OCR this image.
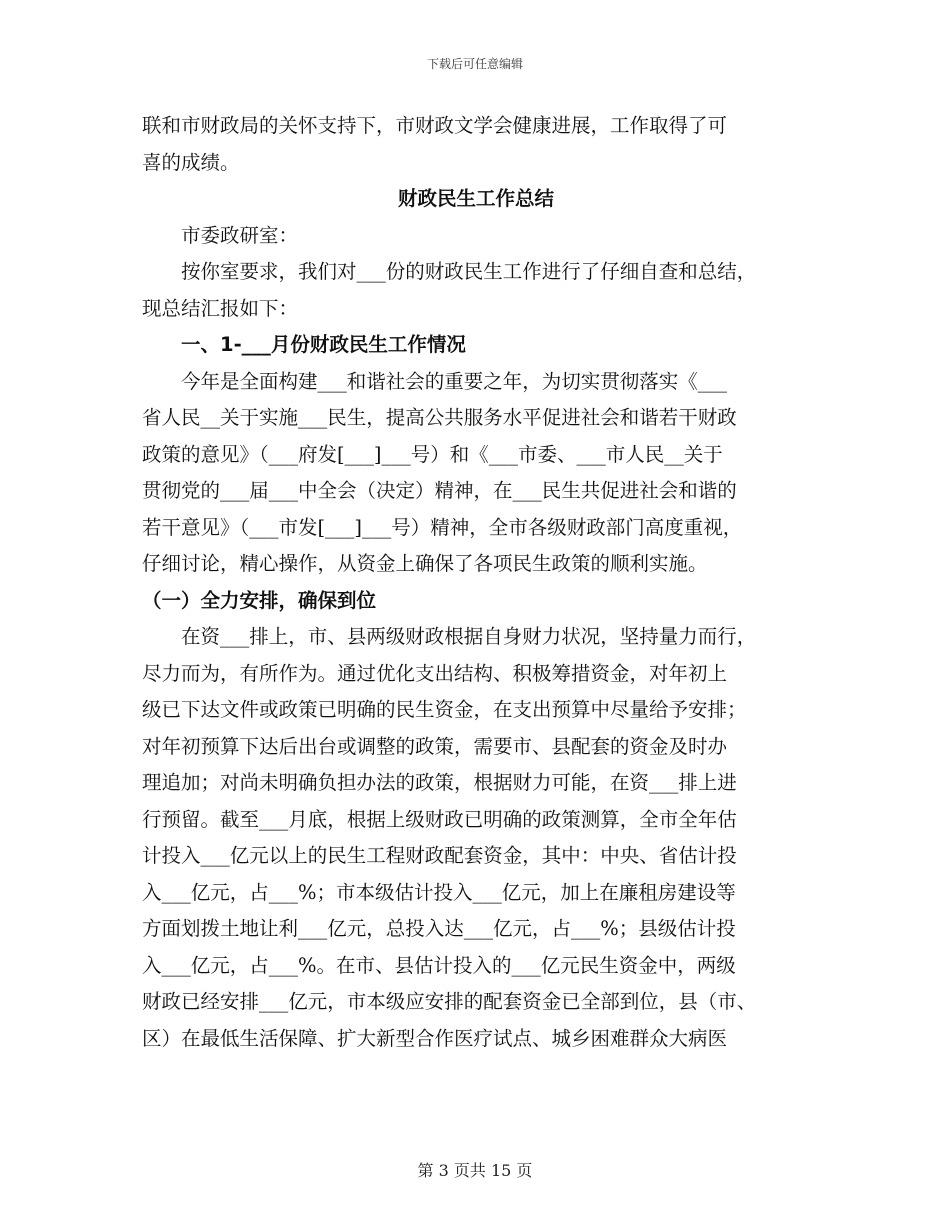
下载后可任意编辑

联和市财政局的关怀支持下，市财政文学会健康进展，工作取得了可

喜的成绩。

财政民生工作总结

市委政研室：

按你室要求，我们对___份的财政民生工作进行了仔细自查和总结，

现总结汇报如下：

一、1-___月份财政民生工作情况

今年是全面构建___和谐社会的重要之年，为切实贯彻落实《___

省人民__关于实施___民生，提高公共服务水平促进社会和谐若干财政

政策的意见》（___府发[___]___号）和《___市委、___市人民__关于

贯彻党的___届___中全会（决定）精神，在___民生共促进社会和谐的

若干意见》（___市发[___]___号）精神，全市各级财政部门高度重视，

仔细讨论，精心操作，从资金上确保了各项民生政策的顺利实施。

（一）全力安排，确保到位

在资___排上，市、县两级财政根据自身财力状况，坚持量力而行，

尽力而为，有所作为。通过优化支出结构、积极筹措资金，对年初上

级已下达文件或政策已明确的民生资金，在支出预算中尽量给予安排；

对年初预算下达后出台或调整的政策，需要市、县配套的资金及时办

理追加；对尚未明确负担办法的政策，根据财力可能，在资___排上进

行预留。截至___月底，根据上级财政已明确的政策测算，全市全年估

计投入___亿元以上的民生工程财政配套资金，其中：中央、省估计投

入___亿元，占___%；市本级估计投入___亿元，加上在廉租房建设等

方面划拨土地让利___亿元，总投入达___亿元，占___%；县级估计投

入___亿元，占___%。在市、县估计投入的___亿元民生资金中，两级

财政已经安排___亿元，市本级应安排的配套资金已全部到位，县（市、

区）在最低生活保障、扩大新型合作医疗试点、城乡困难群众大病医

第 3 页共 15 页
